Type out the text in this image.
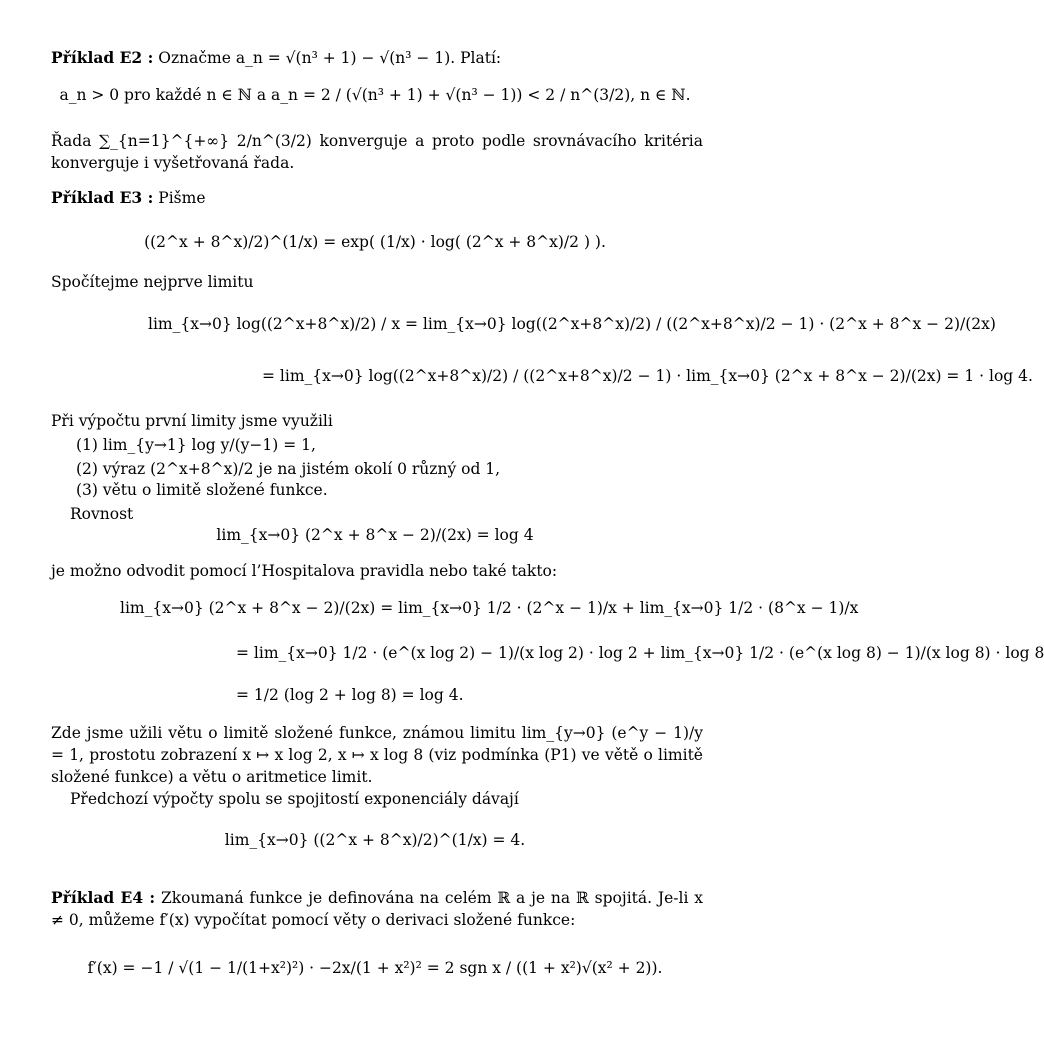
Příklad E2 : Označme a_n = √(n³ + 1) − √(n³ − 1). Platí:
a_n > 0 pro každé n ∈ ℕ a a_n = 2 / (√(n³ + 1) + √(n³ − 1)) < 2 / n^(3/2), n ∈ ℕ.
Řada ∑_{n=1}^{+∞} 2/n^(3/2) konverguje a proto podle srovnávacího kritéria konverguje i vyšetřovaná řada.
Příklad E3 : Pišme
((2^x + 8^x)/2)^(1/x) = exp( (1/x) · log( (2^x + 8^x)/2 ) ).
Spočítejme nejprve limitu
lim_{x→0} log((2^x+8^x)/2) / x = lim_{x→0} log((2^x+8^x)/2) / ((2^x+8^x)/2 − 1) · (2^x + 8^x − 2)/(2x)
= lim_{x→0} log((2^x+8^x)/2) / ((2^x+8^x)/2 − 1) · lim_{x→0} (2^x + 8^x − 2)/(2x) = 1 · log 4.
Při výpočtu první limity jsme využili
(1) lim_{y→1} log y/(y−1) = 1,
(2) výraz (2^x+8^x)/2 je na jistém okolí 0 různý od 1,
(3) větu o limitě složené funkce.
Rovnost
lim_{x→0} (2^x + 8^x − 2)/(2x) = log 4
je možno odvodit pomocí l’Hospitalova pravidla nebo také takto:
lim_{x→0} (2^x + 8^x − 2)/(2x) = lim_{x→0} 1/2 · (2^x − 1)/x + lim_{x→0} 1/2 · (8^x − 1)/x
= lim_{x→0} 1/2 · (e^(x log 2) − 1)/(x log 2) · log 2 + lim_{x→0} 1/2 · (e^(x log 8) − 1)/(x log 8) · log 8
= 1/2 (log 2 + log 8) = log 4.
Zde jsme užili větu o limitě složené funkce, známou limitu lim_{y→0} (e^y − 1)/y = 1, prostotu zobrazení x ↦ x log 2, x ↦ x log 8 (viz podmínka (P1) ve větě o limitě složené funkce) a větu o aritmetice limit.
Předchozí výpočty spolu se spojitostí exponenciály dávají
lim_{x→0} ((2^x + 8^x)/2)^(1/x) = 4.
Příklad E4 : Zkoumaná funkce je definována na celém ℝ a je na ℝ spojitá. Je-li x ≠ 0, můžeme f′(x) vypočítat pomocí věty o derivaci složené funkce:
f′(x) = −1 / √(1 − 1/(1+x²)²) · −2x/(1 + x²)² = 2 sgn x / ((1 + x²)√(x² + 2)).
